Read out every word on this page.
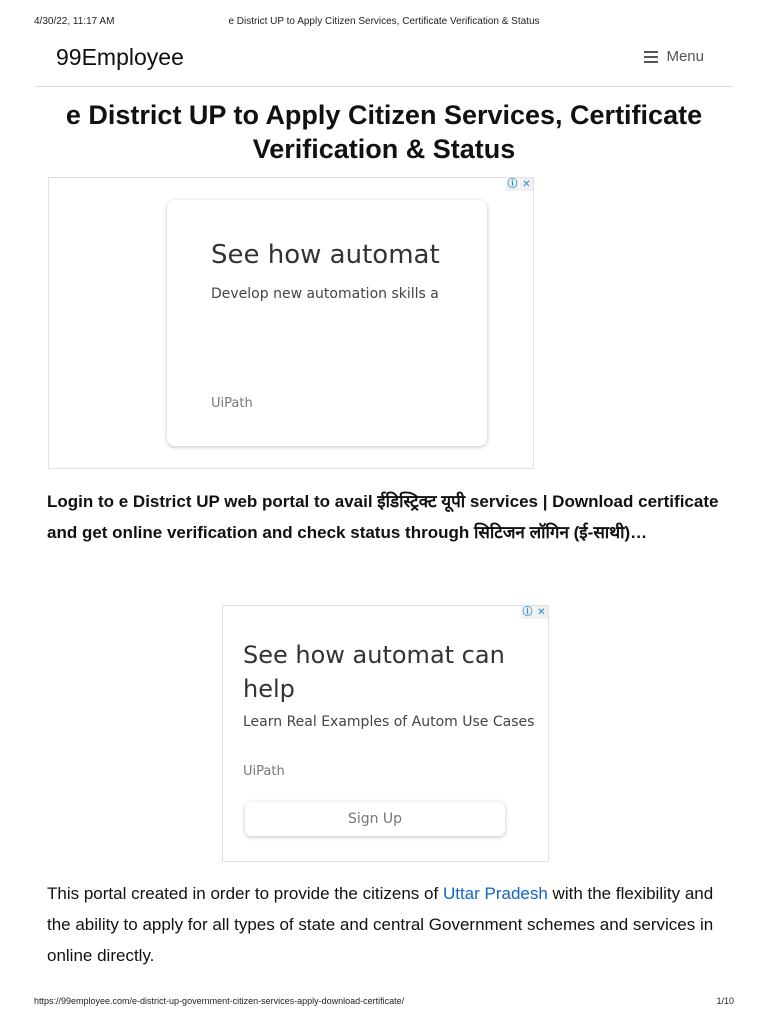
4/30/22, 11:17 AM	e District UP to Apply Citizen Services, Certificate Verification & Status
99Employee	Menu
e District UP to Apply Citizen Services, Certificate Verification & Status
ⓘ ✕
See how automat
Develop new automation skills a
UiPath

Login to e District UP web portal to avail ईडिस्ट्रिक्ट यूपी services | Download certificate and get online verification and check status through सिटिजन लॉगिन (ई-साथी)…

See how automat can help
Learn Real Examples of Autom Use Cases
UiPath
Sign Up
ⓘ ✕

This portal created in order to provide the citizens of Uttar Pradesh with the flexibility and the ability to apply for all types of state and central Government schemes and services in online directly.

https://99employee.com/e-district-up-government-citizen-services-apply-download-certificate/	1/10
